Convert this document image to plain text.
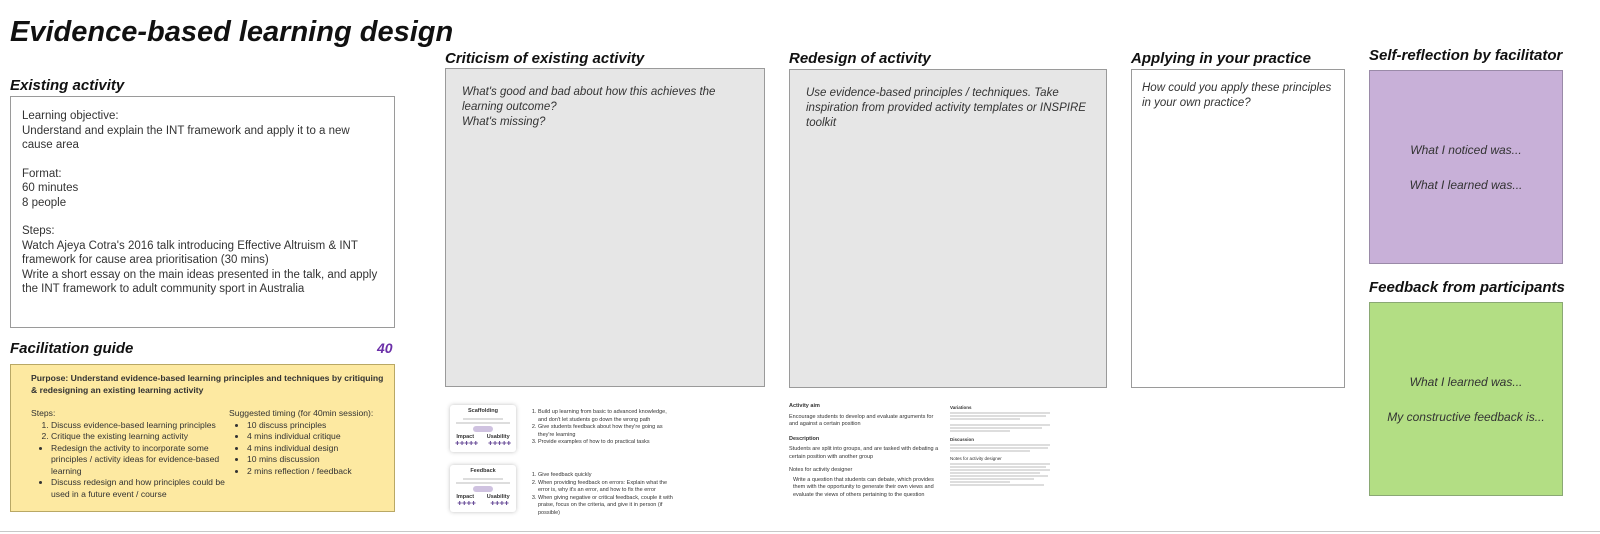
Evidence-based learning design
Existing activity

Learning objective:

Understand and explain the INT framework and apply it to a new cause area

Format:

60 minutes

8 people

Steps:

Watch Ajeya Cotra's 2016 talk introducing Effective Altruism & INT framework for cause area prioritisation (30 mins)

Write a short essay on the main ideas presented in the talk, and apply the INT framework to adult community sport in Australia

Facilitation guide	40
Purpose: Understand evidence-based learning principles and techniques by critiquing & redesigning an existing learning activity
Steps:
1. Discuss evidence-based learning principles
2. Critique the existing learning activity
• Redesign the activity to incorporate some principles / activity ideas for evidence-based learning
• Discuss redesign and how principles could be used in a future event / course
Suggested timing (for 40min session):
• 10 discuss principles
• 4 mins individual critique
• 4 mins individual design
• 10 mins discussion
• 2 mins reflection / feedback
Criticism of existing activity
What's good and bad about how this achieves the learning outcome?
What's missing?
Redesign of activity
Use evidence-based principles / techniques. Take inspiration from provided activity templates or INSPIRE toolkit
Applying in your practice
How could you apply these principles in your own practice?
Self-reflection by facilitator
What I noticed was...
What I learned was...
Feedback from participants
What I learned was...
My constructive feedback is...
Scaffolding
Impact Usability
✚✚✚✚✚ ✚✚✚✚✚
1. Build up learning from basic to advanced knowledge, and don't let students go down the wrong path
2. Give students feedback about how they're going as they're learning
3. Provide examples of how to do practical tasks
Feedback
Impact Usability
✚✚✚✚	✚✚✚✚
1. Give feedback quickly
2. When providing feedback on errors: Explain what the error is, why it's an error, and how to fix the error
3. When giving negative or critical feedback, couple it with praise, focus on the criteria, and give it in person (if possible)
Activity aim
Encourage students to develop and evaluate arguments for and against a certain position
Description
Students are split into groups, and are tasked with debating a certain position with another group
Notes for activity designer
Write a question that students can debate, which provides them with the opportunity to generate their own views and evaluate the views of others pertaining to the question
Variations
Discussion
Notes for activity designer
